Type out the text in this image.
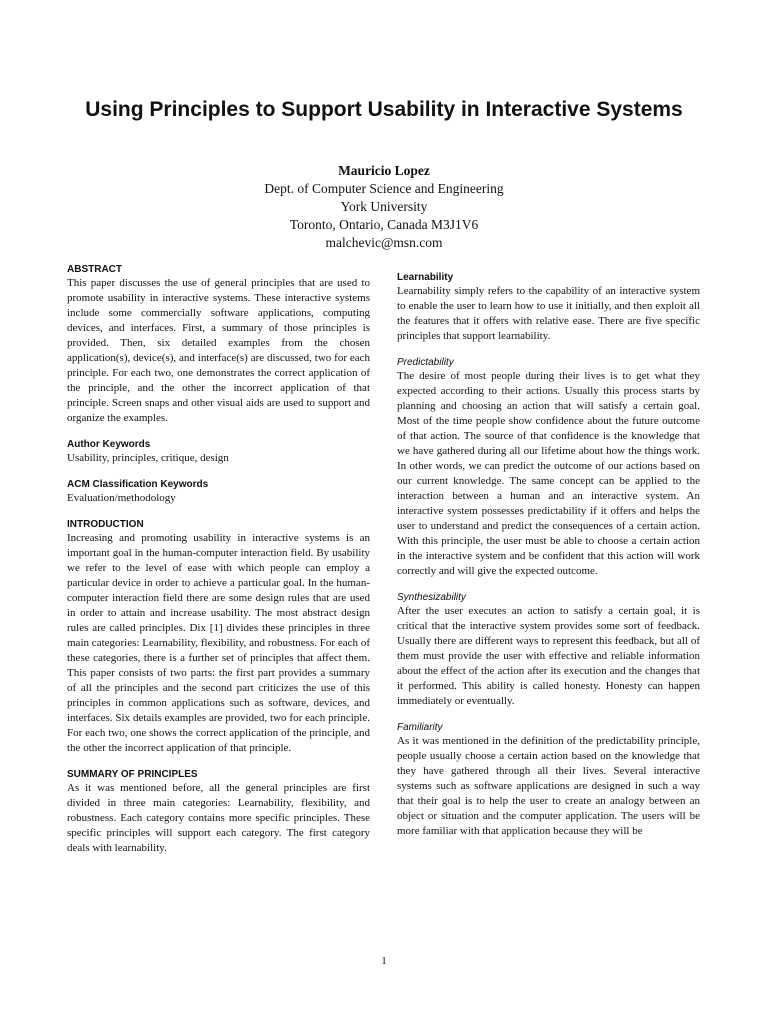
Using Principles to Support Usability in Interactive Systems
Mauricio Lopez
Dept. of Computer Science and Engineering
York University
Toronto, Ontario, Canada M3J1V6
malchevic@msn.com
ABSTRACT

This paper discusses the use of general principles that are used to promote usability in interactive systems. These interactive systems include some commercially software applications, computing devices, and interfaces. First, a summary of those principles is provided. Then, six detailed examples from the chosen application(s), device(s), and interface(s) are discussed, two for each principle. For each two, one demonstrates the correct application of the principle, and the other the incorrect application of that principle. Screen snaps and other visual aids are used to support and organize the examples.

Author Keywords

Usability, principles, critique, design

ACM Classification Keywords

Evaluation/methodology

INTRODUCTION

Increasing and promoting usability in interactive systems is an important goal in the human-computer interaction field. By usability we refer to the level of ease with which people can employ a particular device in order to achieve a particular goal. In the human-computer interaction field there are some design rules that are used in order to attain and increase usability. The most abstract design rules are called principles. Dix [1] divides these principles in three main categories: Learnability, flexibility, and robustness. For each of these categories, there is a further set of principles that affect them. This paper consists of two parts: the first part provides a summary of all the principles and the second part criticizes the use of this principles in common applications such as software, devices, and interfaces. Six details examples are provided, two for each principle. For each two, one shows the correct application of the principle, and the other the incorrect application of that principle.

SUMMARY OF PRINCIPLES

As it was mentioned before, all the general principles are first divided in three main categories: Learnability, flexibility, and robustness. Each category contains more specific principles. These specific principles will support each category. The first category deals with learnability.

Learnability

Learnability simply refers to the capability of an interactive system to enable the user to learn how to use it initially, and then exploit all the features that it offers with relative ease. There are five specific principles that support learnability.

Predictability

The desire of most people during their lives is to get what they expected according to their actions. Usually this process starts by planning and choosing an action that will satisfy a certain goal. Most of the time people show confidence about the future outcome of that action. The source of that confidence is the knowledge that we have gathered during all our lifetime about how the things work. In other words, we can predict the outcome of our actions based on our current knowledge. The same concept can be applied to the interaction between a human and an interactive system. An interactive system possesses predictability if it offers and helps the user to understand and predict the consequences of a certain action. With this principle, the user must be able to choose a certain action in the interactive system and be confident that this action will work correctly and will give the expected outcome.

Synthesizability

After the user executes an action to satisfy a certain goal, it is critical that the interactive system provides some sort of feedback. Usually there are different ways to represent this feedback, but all of them must provide the user with effective and reliable information about the effect of the action after its execution and the changes that it performed. This ability is called honesty. Honesty can happen immediately or eventually.

Familiarity

As it was mentioned in the definition of the predictability principle, people usually choose a certain action based on the knowledge that they have gathered through all their lives. Several interactive systems such as software applications are designed in such a way that their goal is to help the user to create an analogy between an object or situation and the computer application. The users will be more familiar with that application because they will be

1
